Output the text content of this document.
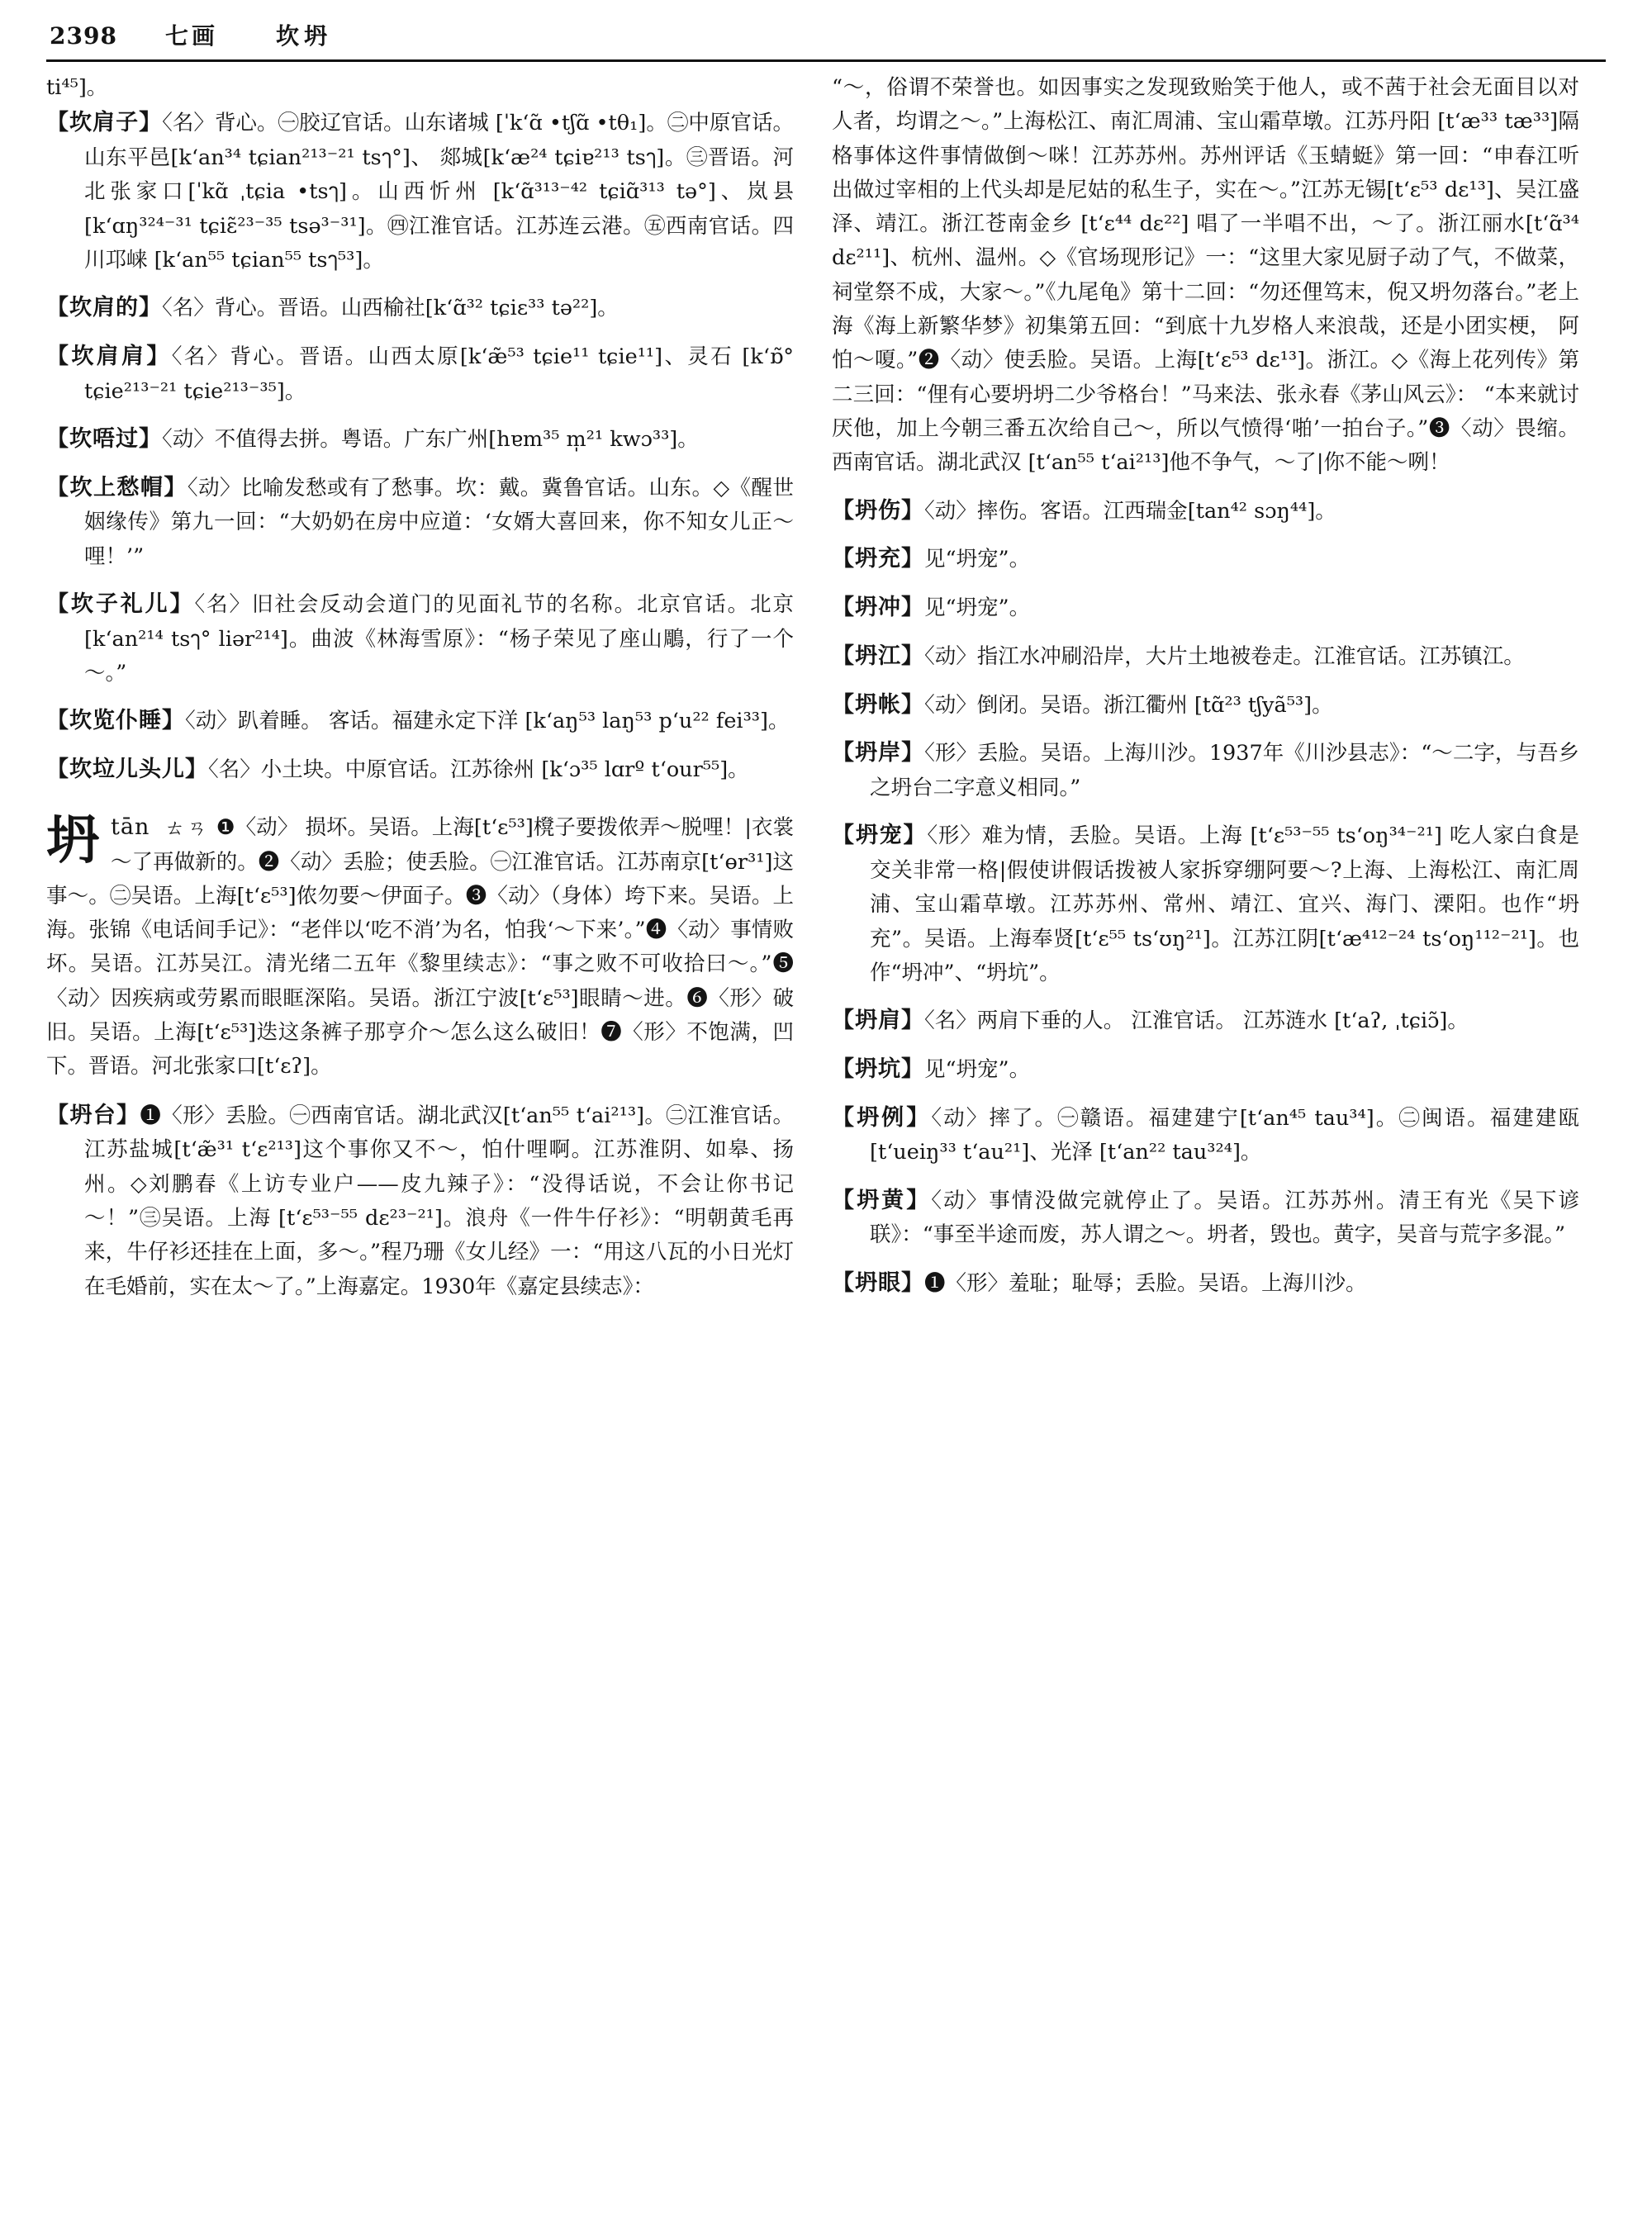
2398 七画	坎坍
ti⁴⁵]。
【坎肩子】〈名〉背心。㊀胶辽官话。山东诸城 [ˈkʻɑ̃ •tʃɑ̃ •tθ₁]。㊁中原官话。山东平邑[kʻan³⁴ tɕian²¹³⁻²¹ tsๅ°]、 郯城[kʻæ²⁴ tɕiɐ²¹³ tsๅ]。㊂晋语。河北张家口[ˈkɑ̃ ˌtɕia •tsๅ]。山西忻州 [kʻɑ̃³¹³⁻⁴² tɕiɑ̃³¹³ tə°]、岚县[kʻɑŋ³²⁴⁻³¹ tɕiɛ̃²³⁻³⁵ tsə³⁻³¹]。㊃江淮官话。江苏连云港。㊄西南官话。四川邛崃 [kʻan⁵⁵ tɕian⁵⁵ tsๅ⁵³]。
【坎肩的】〈名〉背心。晋语。山西榆社[kʻɑ̃³² tɕiɛ³³ tə²²]。
【坎肩肩】〈名〉背心。晋语。山西太原[kʻæ̃⁵³ tɕie¹¹ tɕie¹¹]、灵石 [kʻɒ̃° tɕie²¹³⁻²¹ tɕie²¹³⁻³⁵]。
【坎唔过】〈动〉不值得去拼。粤语。广东广州[hɐm³⁵ m̩²¹ kwɔ³³]。
【坎上愁帽】〈动〉比喻发愁或有了愁事。坎：戴。冀鲁官话。山东。◇《醒世姻缘传》第九一回：“大奶奶在房中应道：‘女婿大喜回来，你不知女儿正～哩！’”
【坎子礼儿】〈名〉旧社会反动会道门的见面礼节的名称。北京官话。北京[kʻan²¹⁴ tsๅ° liər²¹⁴]。曲波《林海雪原》：“杨子荣见了座山鵰，行了一个～。”
【坎览仆睡】〈动〉趴着睡。 客话。福建永定下洋 [kʻaŋ⁵³ laŋ⁵³ pʻu²² fei³³]。
【坎垃儿头儿】〈名〉小土块。中原官话。江苏徐州 [kʻɔ³⁵ lɑrº tʻour⁵⁵]。
坍 tān ㄊㄢ ❶〈动〉 损坏。吴语。上海[tʻɛ⁵³]櫈子要拨侬弄～脱哩！|衣裳～了再做新的。❷〈动〉丢脸；使丢脸。㊀江淮官话。江苏南京[tʻɵr³¹]这事～。㊁吴语。上海[tʻɛ⁵³]侬勿要～伊面子。❸〈动〉（身体）垮下来。吴语。上海。张锦《电话间手记》：“老伴以‘吃不消’为名，怕我‘～下来’。”❹〈动〉事情败坏。吴语。江苏吴江。清光绪二五年《黎里续志》：“事之败不可收拾曰～。”❺〈动〉因疾病或劳累而眼眶深陷。吴语。浙江宁波[tʻɛ⁵³]眼睛～进。❻〈形〉破旧。吴语。上海[tʻɛ⁵³]迭这条裤子那亨介～怎么这么破旧！❼〈形〉不饱满，凹下。晋语。河北张家口[tʻɛʔ]。
【坍台】❶〈形〉丢脸。㊀西南官话。湖北武汉[tʻan⁵⁵ tʻai²¹³]。㊁江淮官话。江苏盐城[tʻæ̃³¹ tʻɛ²¹³]这个事你又不～，怕什哩啊。江苏淮阴、如皋、扬州。◇刘鹏春《上访专业户——皮九辣子》：“没得话说，不会让你书记～！”㊂吴语。上海 [tʻɛ⁵³⁻⁵⁵ dɛ²³⁻²¹]。浪舟《一件牛仔衫》：“明朝黄毛再来，牛仔衫还挂在上面，多～。”程乃珊《女儿经》一：“用这八瓦的小日光灯在毛婚前，实在太～了。”上海嘉定。1930年《嘉定县续志》：
“～，俗谓不荣誉也。如因事实之发现致贻笑于他人，或不茜于社会无面目以对人者，均谓之～。”上海松江、南汇周浦、宝山霜草墩。江苏丹阳 [tʻæ³³ tæ³³]隔格事体这件事情做倒～咪！江苏苏州。苏州评话《玉蜻蜓》第一回：“申春江听出做过宰相的上代头却是尼姑的私生子，实在～。”江苏无锡[tʻɛ⁵³ dɛ¹³]、吴江盛泽、靖江。浙江苍南金乡 [tʻɛ⁴⁴ dɛ²²] 唱了一半唱不出，～了。浙江丽水[tʻɑ̃³⁴ dɛ²¹¹]、杭州、温州。◇《官场现形记》一：“这里大家见厨子动了气，不做菜，祠堂祭不成，大家～。”《九尾龟》第十二回：“勿还俚笃末，倪又坍勿落台。”老上海《海上新繁华梦》初集第五回：“到底十九岁格人来浪哉，还是小团实梗， 阿怕～嗄。”❷〈动〉使丢脸。吴语。上海[tʻɛ⁵³ dɛ¹³]。浙江。◇《海上花列传》第二三回：“俚有心要坍坍二少爷格台！”马来法、张永春《茅山风云》： “本来就讨厌他，加上今朝三番五次给自己～，所以气愤得‘啪’一拍台子。”❸〈动〉畏缩。西南官话。湖北武汉 [tʻan⁵⁵ tʻai²¹³]他不争气，～了|你不能～咧！
【坍伤】〈动〉摔伤。客语。江西瑞金[tan⁴² sɔŋ⁴⁴]。
【坍充】见“坍宠”。
【坍冲】见“坍宠”。
【坍江】〈动〉指江水冲刷沿岸，大片土地被卷走。江淮官话。江苏镇江。
【坍帐】〈动〉倒闭。吴语。浙江衢州 [tɑ̃²³ tʃyã⁵³]。
【坍岸】〈形〉丢脸。吴语。上海川沙。1937年《川沙县志》：“～二字，与吾乡之坍台二字意义相同。”
【坍宠】〈形〉难为情，丢脸。吴语。上海 [tʻɛ⁵³⁻⁵⁵ tsʻoŋ³⁴⁻²¹] 吃人家白食是交关非常一格|假使讲假话拨被人家拆穿绷阿要～?上海、上海松江、南汇周浦、宝山霜草墩。江苏苏州、常州、靖江、宜兴、海门、溧阳。也作“坍充”。吴语。上海奉贤[tʻɛ⁵⁵ tsʻʊŋ²¹]。江苏江阴[tʻæ⁴¹²⁻²⁴ tsʻoŋ¹¹²⁻²¹]。也作“坍冲”、“坍坑”。
【坍肩】〈名〉两肩下垂的人。 江淮官话。 江苏涟水 [tʻaʔ, ˌtɕiɔ̃]。
【坍坑】见“坍宠”。
【坍例】〈动〉摔了。㊀赣语。福建建宁[tʻan⁴⁵ tau³⁴]。㊁闽语。福建建瓯 [tʻueiŋ³³ tʻau²¹]、光泽 [tʻan²² tau³²⁴]。
【坍黄】〈动〉事情没做完就停止了。吴语。江苏苏州。清王有光《吴下谚联》：“事至半途而废，苏人谓之～。坍者，毁也。黄字，吴音与荒字多混。”
【坍眼】❶〈形〉羞耻；耻辱；丢脸。吴语。上海川沙。
